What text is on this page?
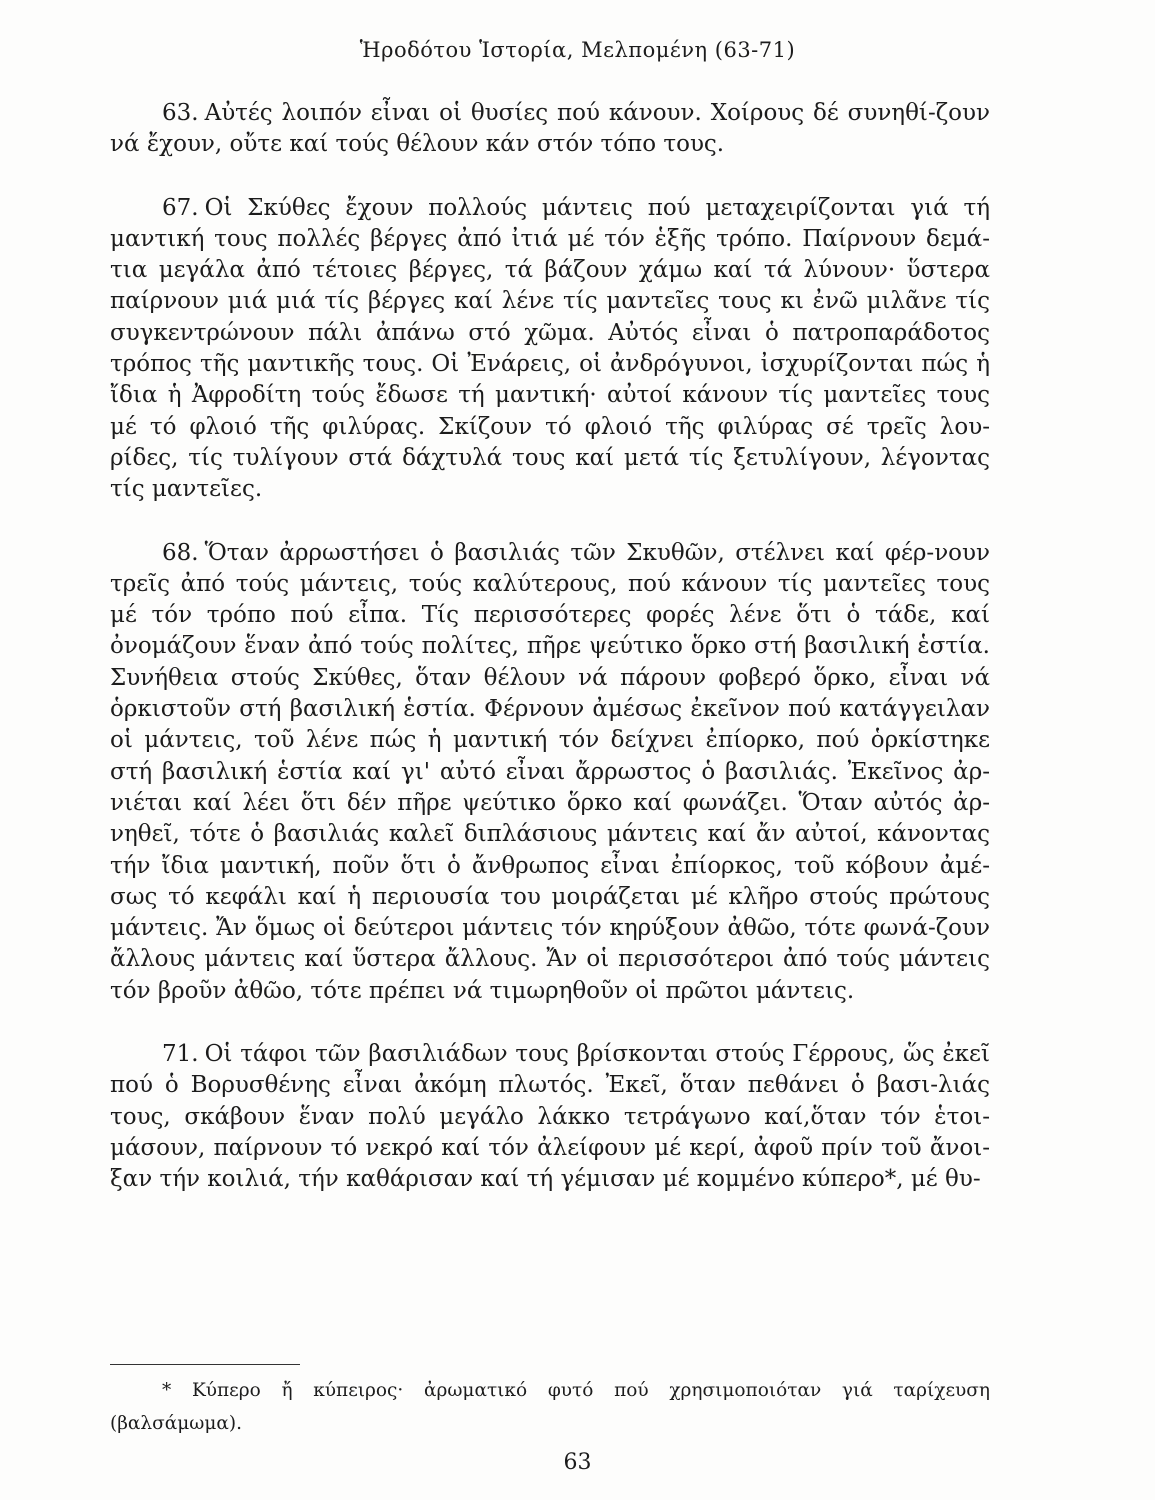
Ἡροδότου Ἱστορία, Μελπομένη (63-71)

63. Αὐτές λοιπόν εἶναι οἱ θυσίες πού κάνουν. Χοίρους δέ συνηθί-ζουν νά ἔχουν, οὔτε καί τούς θέλουν κάν στόν τόπο τους.

67. Οἱ Σκύθες ἔχουν πολλούς μάντεις πού μεταχειρίζονται γιά τή μαντική τους πολλές βέργες ἀπό ἰτιά μέ τόν ἑξῆς τρόπο. Παίρνουν δεμά-τια μεγάλα ἀπό τέτοιες βέργες, τά βάζουν χάμω καί τά λύνουν· ὕστερα παίρνουν μιά μιά τίς βέργες καί λένε τίς μαντεῖες τους κι ἐνῶ μιλᾶνε τίς συγκεντρώνουν πάλι ἀπάνω στό χῶμα. Αὐτός εἶναι ὁ πατροπαράδοτος τρόπος τῆς μαντικῆς τους. Οἱ Ἐνάρεις, οἱ ἀνδρόγυνοι, ἰσχυρίζονται πώς ἡ ἴδια ἡ Ἀφροδίτη τούς ἔδωσε τή μαντική· αὐτοί κάνουν τίς μαντεῖες τους μέ τό φλοιό τῆς φιλύρας. Σκίζουν τό φλοιό τῆς φιλύρας σέ τρεῖς λου-ρίδες, τίς τυλίγουν στά δάχτυλά τους καί μετά τίς ξετυλίγουν, λέγοντας τίς μαντεῖες.

68. Ὅταν ἀρρωστήσει ὁ βασιλιάς τῶν Σκυθῶν, στέλνει καί φέρ-νουν τρεῖς ἀπό τούς μάντεις, τούς καλύτερους, πού κάνουν τίς μαντεῖες τους μέ τόν τρόπο πού εἶπα. Τίς περισσότερες φορές λένε ὅτι ὁ τάδε, καί ὀνομάζουν ἕναν ἀπό τούς πολίτες, πῆρε ψεύτικο ὅρκο στή βασιλική ἑστία. Συνήθεια στούς Σκύθες, ὅταν θέλουν νά πάρουν φοβερό ὅρκο, εἶναι νά ὁρκιστοῦν στή βασιλική ἑστία. Φέρνουν ἀμέσως ἐκεῖνον πού κατάγγειλαν οἱ μάντεις, τοῦ λένε πώς ἡ μαντική τόν δείχνει ἐπίορκο, πού ὁρκίστηκε στή βασιλική ἑστία καί γι' αὐτό εἶναι ἄρρωστος ὁ βασιλιάς. Ἐκεῖνος ἀρ-νιέται καί λέει ὅτι δέν πῆρε ψεύτικο ὅρκο καί φωνάζει. Ὅταν αὐτός ἀρ-νηθεῖ, τότε ὁ βασιλιάς καλεῖ διπλάσιους μάντεις καί ἄν αὐτοί, κάνοντας τήν ἴδια μαντική, ποῦν ὅτι ὁ ἄνθρωπος εἶναι ἐπίορκος, τοῦ κόβουν ἀμέ-σως τό κεφάλι καί ἡ περιουσία του μοιράζεται μέ κλῆρο στούς πρώτους μάντεις. Ἄν ὅμως οἱ δεύτεροι μάντεις τόν κηρύξουν ἀθῶο, τότε φωνά-ζουν ἄλλους μάντεις καί ὕστερα ἄλλους. Ἄν οἱ περισσότεροι ἀπό τούς μάντεις τόν βροῦν ἀθῶο, τότε πρέπει νά τιμωρηθοῦν οἱ πρῶτοι μάντεις.

71. Οἱ τάφοι τῶν βασιλιάδων τους βρίσκονται στούς Γέρρους, ὥς ἐκεῖ πού ὁ Βορυσθένης εἶναι ἀκόμη πλωτός. Ἐκεῖ, ὅταν πεθάνει ὁ βασι-λιάς τους, σκάβουν ἕναν πολύ μεγάλο λάκκο τετράγωνο καί,ὅταν τόν ἑτοι-μάσουν, παίρνουν τό νεκρό καί τόν ἀλείφουν μέ κερί, ἀφοῦ πρίν τοῦ ἄνοι-ξαν τήν κοιλιά, τήν καθάρισαν καί τή γέμισαν μέ κομμένο κύπερο*, μέ θυ-

* Κύπερο ἤ κύπειρος· ἀρωματικό φυτό πού χρησιμοποιόταν γιά ταρίχευση (βαλσάμωμα).
63
